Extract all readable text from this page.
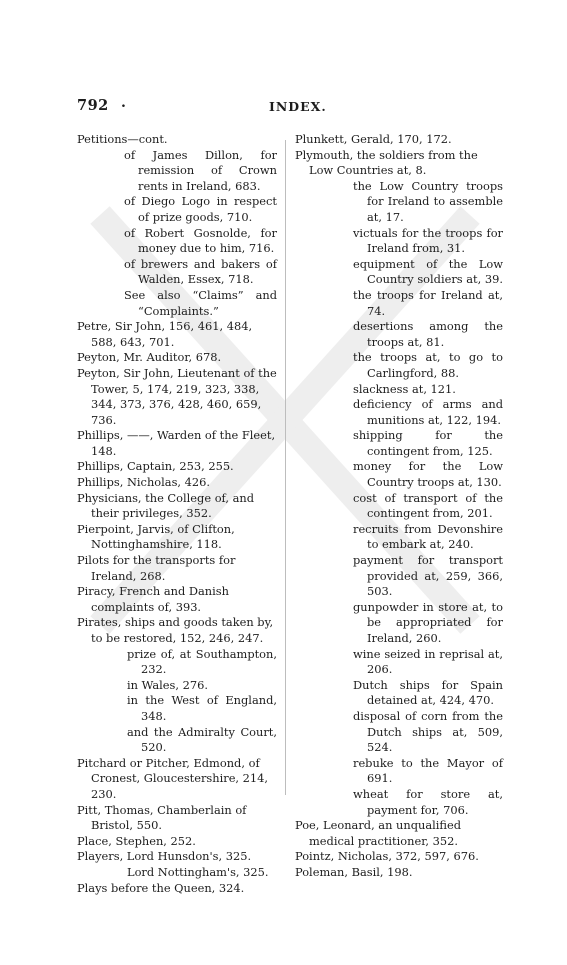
792 .	INDEX.
Petitions—cont.
of James Dillon, for remission of Crown rents in Ireland, 683.
of Diego Logo in respect of prize goods, 710.
of Robert Gosnolde, for money due to him, 716.
of brewers and bakers of Walden, Essex, 718.
See also “Claims” and “Complaints.”
Petre, Sir John, 156, 461, 484, 588, 643, 701.
Peyton, Mr. Auditor, 678.
Peyton, Sir John, Lieutenant of the Tower, 5, 174, 219, 323, 338, 344, 373, 376, 428, 460, 659, 736.
Phillips, ——, Warden of the Fleet, 148.
Phillips, Captain, 253, 255.
Phillips, Nicholas, 426.
Physicians, the College of, and their privileges, 352.
Pierpoint, Jarvis, of Clifton, Nottinghamshire, 118.
Pilots for the transports for Ireland, 268.
Piracy, French and Danish complaints of, 393.
Pirates, ships and goods taken by, to be restored, 152, 246, 247.
prize of, at Southampton, 232.
in Wales, 276.
in the West of England, 348.
and the Admiralty Court, 520.
Pitchard or Pitcher, Edmond, of Cronest, Gloucestershire, 214, 230.
Pitt, Thomas, Chamberlain of Bristol, 550.
Place, Stephen, 252.
Players, Lord Hunsdon's, 325.
Lord Nottingham's, 325.
Plays before the Queen, 324.
Plunkett, Gerald, 170, 172.
Plymouth, the soldiers from the Low Countries at, 8.
the Low Country troops for Ireland to assemble at, 17.
victuals for the troops for Ireland from, 31.
equipment of the Low Country soldiers at, 39.
the troops for Ireland at, 74.
desertions among the troops at, 81.
the troops at, to go to Carlingford, 88.
slackness at, 121.
deficiency of arms and munitions at, 122, 194.
shipping for the contingent from, 125.
money for the Low Country troops at, 130.
cost of transport of the contingent from, 201.
recruits from Devonshire to embark at, 240.
payment for transport provided at, 259, 366, 503.
gunpowder in store at, to be appropriated for Ireland, 260.
wine seized in reprisal at, 206.
Dutch ships for Spain detained at, 424, 470.
disposal of corn from the Dutch ships at, 509, 524.
rebuke to the Mayor of 691.
wheat for store at, payment for, 706.
Poe, Leonard, an unqualified medical practitioner, 352.
Pointz, Nicholas, 372, 597, 676.
Poleman, Basil, 198.
